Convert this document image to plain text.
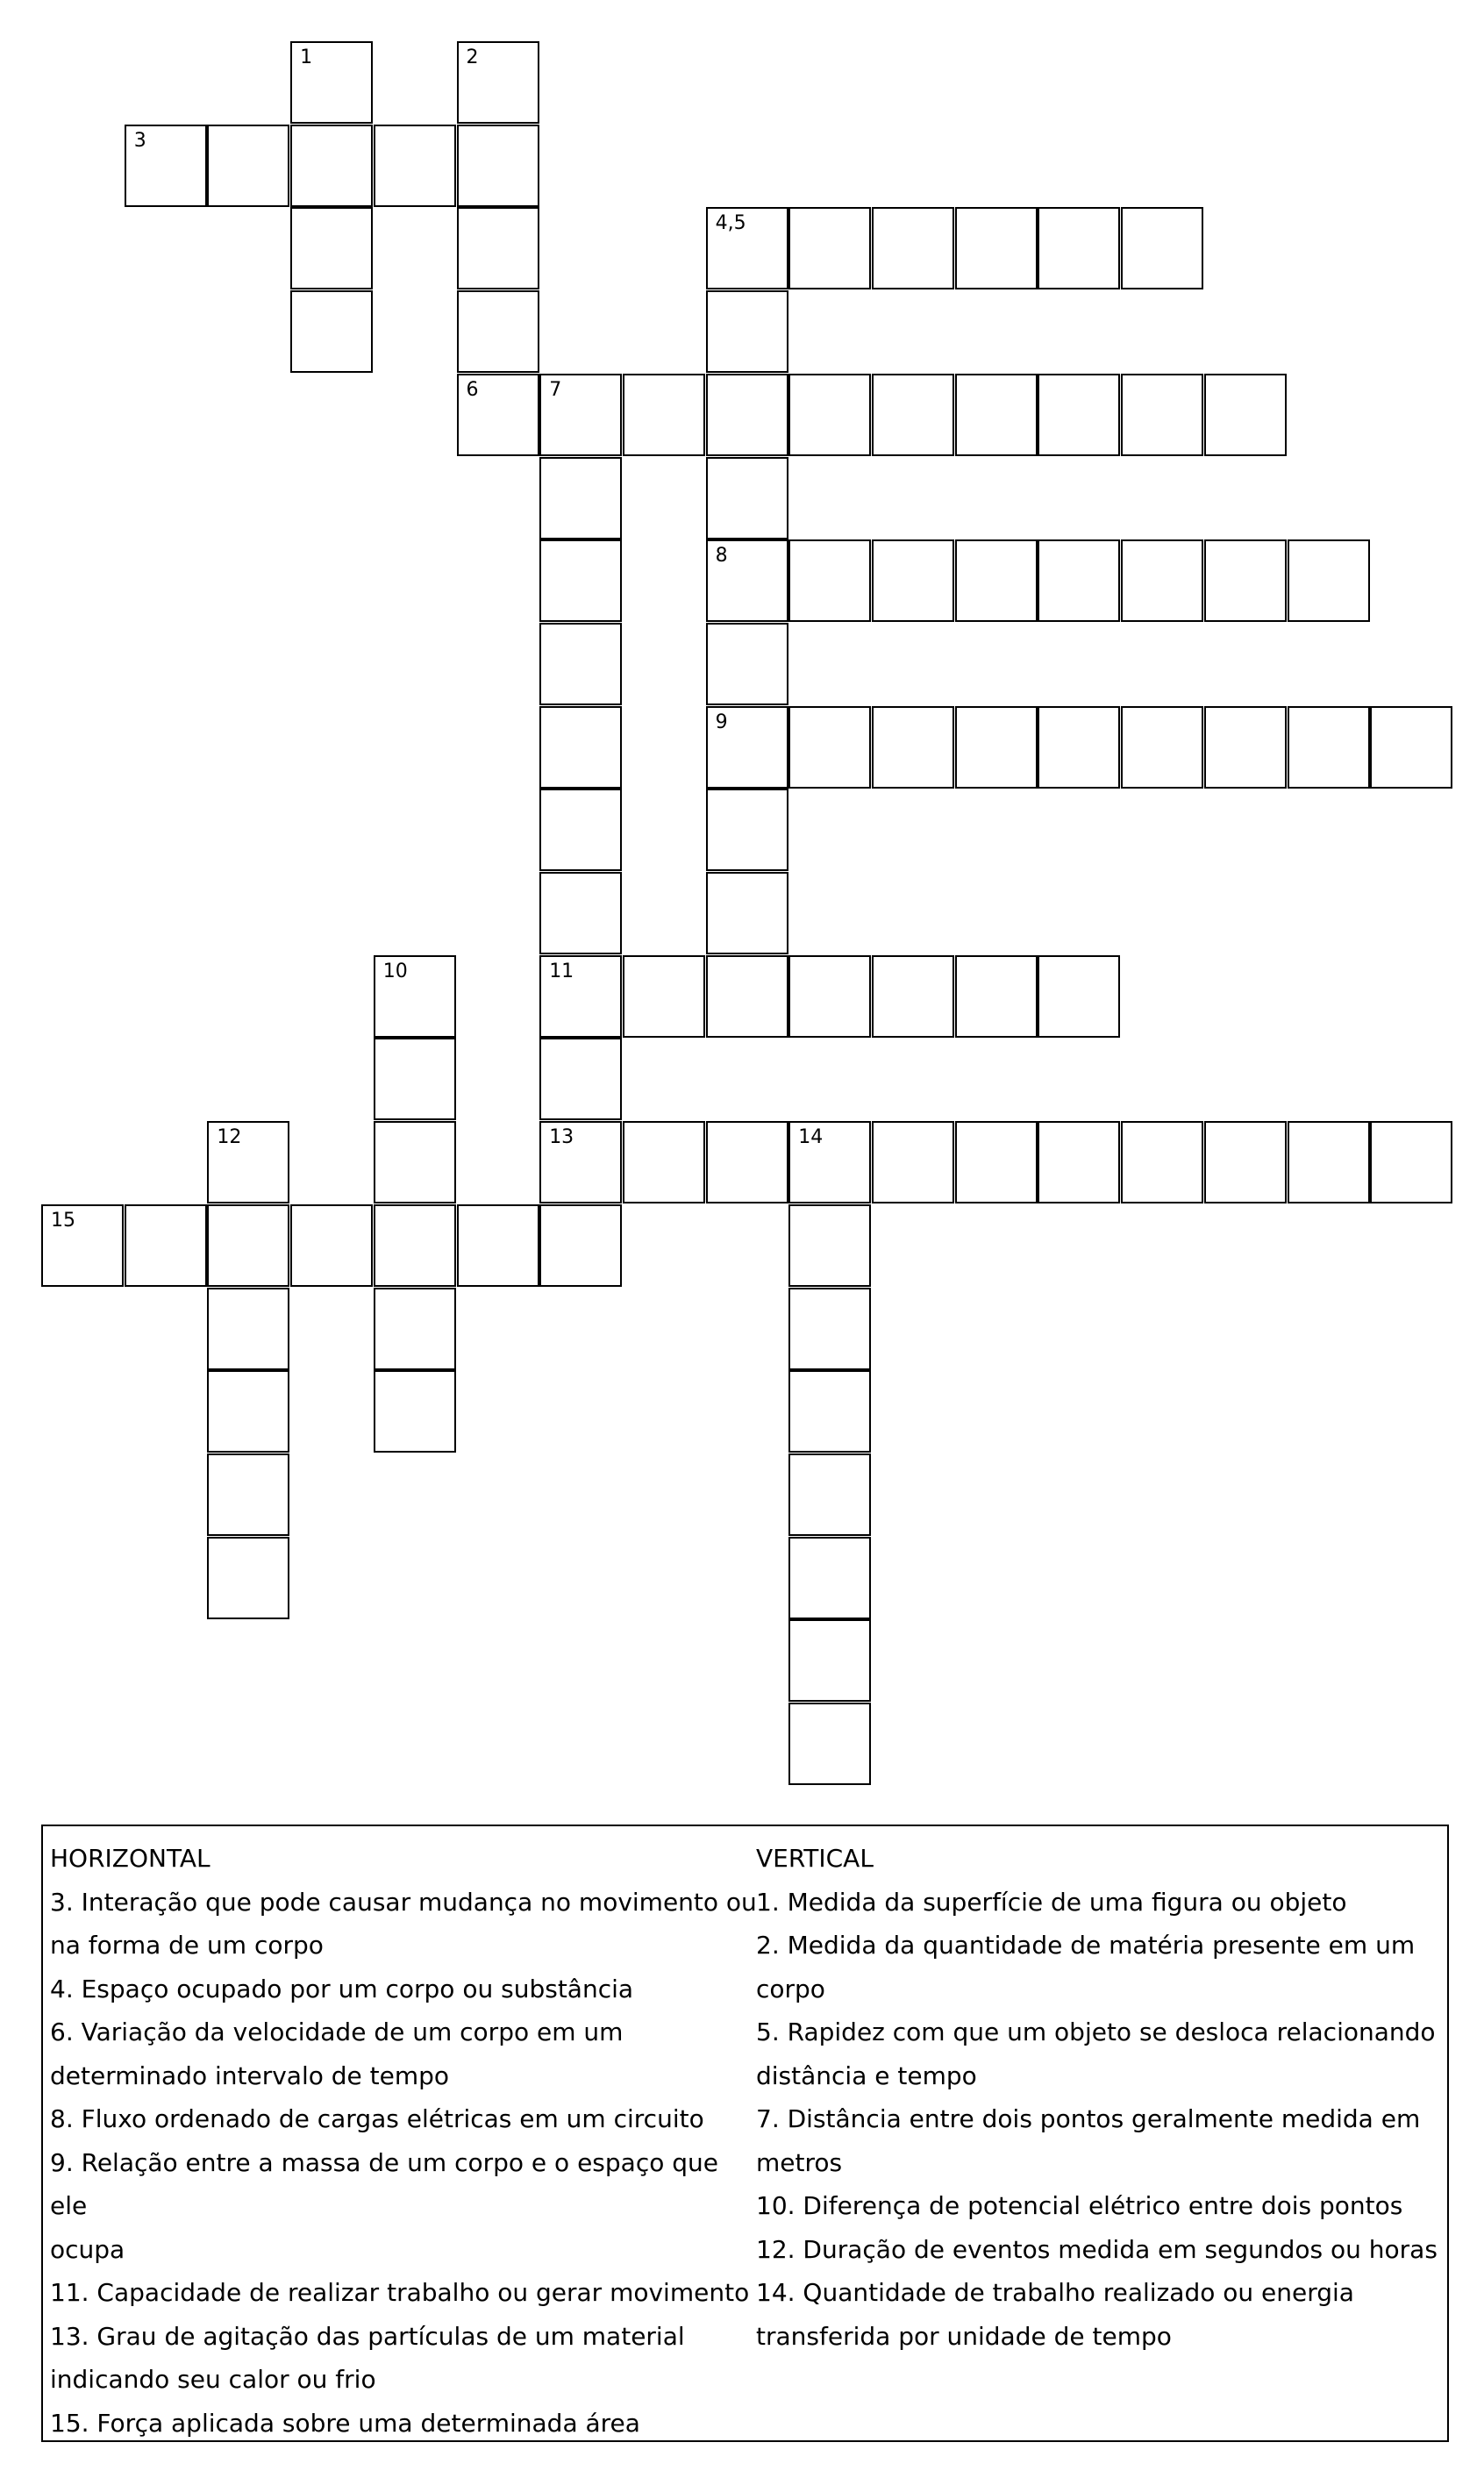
1	2
6
3
4,5
8
9
7
11
13
10
12	14
15
HORIZONTAL
3. Interação que pode causar mudança no movimento ou
na forma de um corpo
4. Espaço ocupado por um corpo ou substância
6. Variação da velocidade de um corpo em um
determinado intervalo de tempo
8. Fluxo ordenado de cargas elétricas em um circuito
9. Relação entre a massa de um corpo e o espaço que ele
ocupa
11. Capacidade de realizar trabalho ou gerar movimento
13. Grau de agitação das partículas de um material
indicando seu calor ou frio
15. Força aplicada sobre uma determinada área
VERTICAL
1. Medida da superfície de uma figura ou objeto
2. Medida da quantidade de matéria presente em um
corpo
5. Rapidez com que um objeto se desloca relacionando
distância e tempo
7. Distância entre dois pontos geralmente medida em
metros
10. Diferença de potencial elétrico entre dois pontos
12. Duração de eventos medida em segundos ou horas
14. Quantidade de trabalho realizado ou energia
transferida por unidade de tempo
